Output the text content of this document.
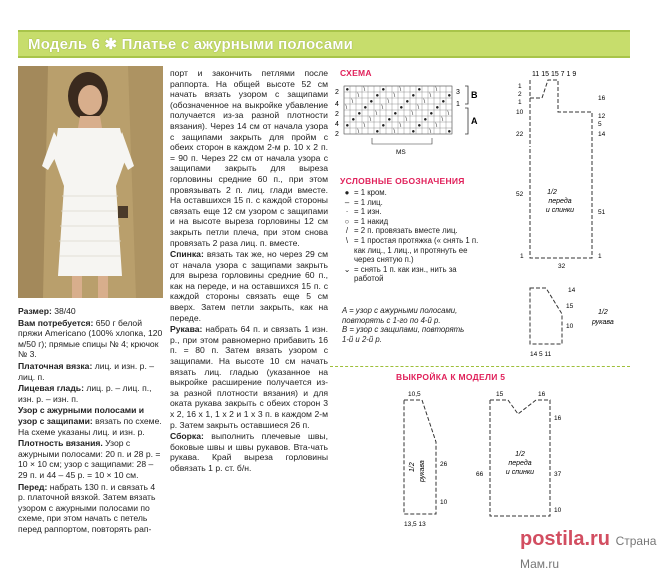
Модель 6 ✱ Платье с ажурными полосами

Размер: 38/40

Вам потребуется: 650 г белой пряжи Americano (100% хлопка, 120 м/50 г); прямые спицы № 4; крючок № 3.

Платочная вязка: лиц. и изн. р. – лиц. п.

Лицевая гладь: лиц. р. – лиц. п., изн. р. – изн. п.

Узор с ажурными полосами и узор с защипами: вязать по схеме. На схеме указаны лиц. и изн. р.

Плотность вязания. Узор с ажурными полосами: 20 п. и 28 р. = 10 × 10 см; узор с защипами: 28 – 29 п. и 44 – 45 р. = 10 × 10 см.

Перед: набрать 130 п. и связать 4 р. платочной вязкой. Затем вязать узором с ажурными полосами по схеме, при этом начать с петель перед раппортом, повторять рап-

порт и закончить петлями после раппорта. На общей высоте 52 см начать вязать узором с защипами (обозначенное на выкройке убавление получается из-за разной плотности вязания). Через 14 см от начала узора с защипами закрыть для пройм с обеих сторон в каждом 2-м р. 10 х 2 п. = 90 п. Через 22 см от начала узора с защипами закрыть для выреза горловины средние 60 п., при этом провязывать 2 п. лиц. глади вместе. На оставшихся 15 п. с каждой стороны связать еще 12 см узором с защипами и на высоте выреза горловины 12 см закрыть петли плеча, при этом снова провязать 2 раза лиц. п. вместе.

Спинка: вязать так же, но через 29 см от начала узора с защипами закрыть для выреза горловины средние 60 п., как на переде, и на оставшихся 15 п. с каждой стороны связать еще 5 см вверх. Затем петли закрыть, как на переде.

Рукава: набрать 64 п. и связать 1 изн. р., при этом равномерно прибавить 16 п. = 80 п. Затем вязать узором с защипами. На высоте 10 см начать вязать лиц. гладью (указанное на выкройке расширение получается из-за разной плотности вязания) и для оката рукава закрыть с обеих сторон 3 х 2, 16 х 1, 1 х 2 и 1 х 3 п. в каждом 2-м р. Затем закрыть оставшиеся 26 п.

Сборка: выполнить плечевые швы, боковые швы и швы рукавов. Вта-чать рукава. Край выреза горловины обвязать 1 р. ст. б/н.

СХЕМА
● \	● \	● \
\	● \	● \	●
\	● \	● \	●
\	● \	● \	●
● \	● \	● \
● \	● \	● \
● \	● \	● \
\	● \	● \	●
2
4
2
4
2
3
1
B
A
MS
УСЛОВНЫЕ ОБОЗНАЧЕНИЯ
● = 1 кром.
– = 1 лиц.
· = 1 изн.
○ = 1 накид
/ = 2 п. провязать вместе лиц.
\ = 1 простая протяжка (« снять 1 п.
как лиц., 1 лиц., и протянуть ее
через снятую п.)
⌄ = снять 1 п. как изн., нить за
работой
A = узор с ажурными полосами,
повторять с 1-го по 4-й р.
B = узор с защипами, повторять
1-й и 2-й р.
11 15 15 7 1 9
1
2
1
10
22
52
1
16
12
5
14
51
1
1/2
переда
и спинки
32
14
15
10
1/2
рукава
14 5 11
ВЫКРОЙКА К МОДЕЛИ 5
10,5
26
10
1/2 рукава
13,5 13
15	16
66
16
37
10
1/2
переда
и спинки
postila.ru Страна Мам.ru
